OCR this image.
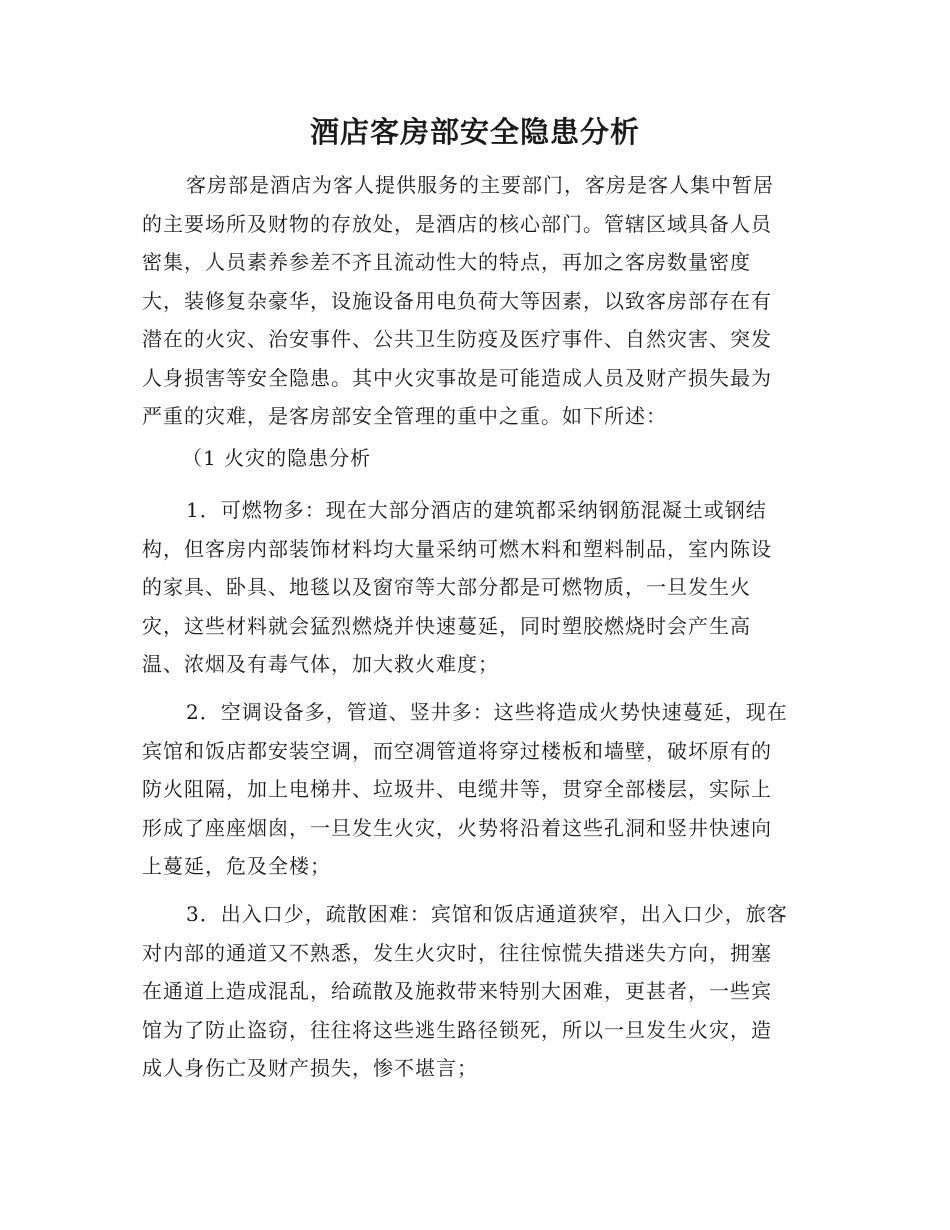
酒店客房部安全隐患分析
客房部是酒店为客人提供服务的主要部门，客房是客人集中暂居
的主要场所及财物的存放处，是酒店的核心部门。管辖区域具备人员
密集，人员素养参差不齐且流动性大的特点，再加之客房数量密度
大，装修复杂豪华，设施设备用电负荷大等因素，以致客房部存在有
潜在的火灾、治安事件、公共卫生防疫及医疗事件、自然灾害、突发
人身损害等安全隐患。其中火灾事故是可能造成人员及财产损失最为
严重的灾难，是客房部安全管理的重中之重。如下所述：
（1 火灾的隐患分析
1．可燃物多：现在大部分酒店的建筑都采纳钢筋混凝土或钢结
构，但客房内部装饰材料均大量采纳可燃木料和塑料制品，室内陈设
的家具、卧具、地毯以及窗帘等大部分都是可燃物质，一旦发生火
灾，这些材料就会猛烈燃烧并快速蔓延，同时塑胶燃烧时会产生高
温、浓烟及有毒气体，加大救火难度；
2．空调设备多，管道、竖井多：这些将造成火势快速蔓延，现在
宾馆和饭店都安装空调，而空凋管道将穿过楼板和墙壁，破坏原有的
防火阻隔，加上电梯井、垃圾井、电缆井等，贯穿全部楼层，实际上
形成了座座烟囱，一旦发生火灾，火势将沿着这些孔洞和竖井快速向
上蔓延，危及全楼；
3．出入口少，疏散困难：宾馆和饭店通道狭窄，出入口少，旅客
对内部的通道又不熟悉，发生火灾时，往往惊慌失措迷失方向，拥塞
在通道上造成混乱，给疏散及施救带来特别大困难，更甚者，一些宾
馆为了防止盗窃，往往将这些逃生路径锁死，所以一旦发生火灾，造
成人身伤亡及财产损失，惨不堪言；
